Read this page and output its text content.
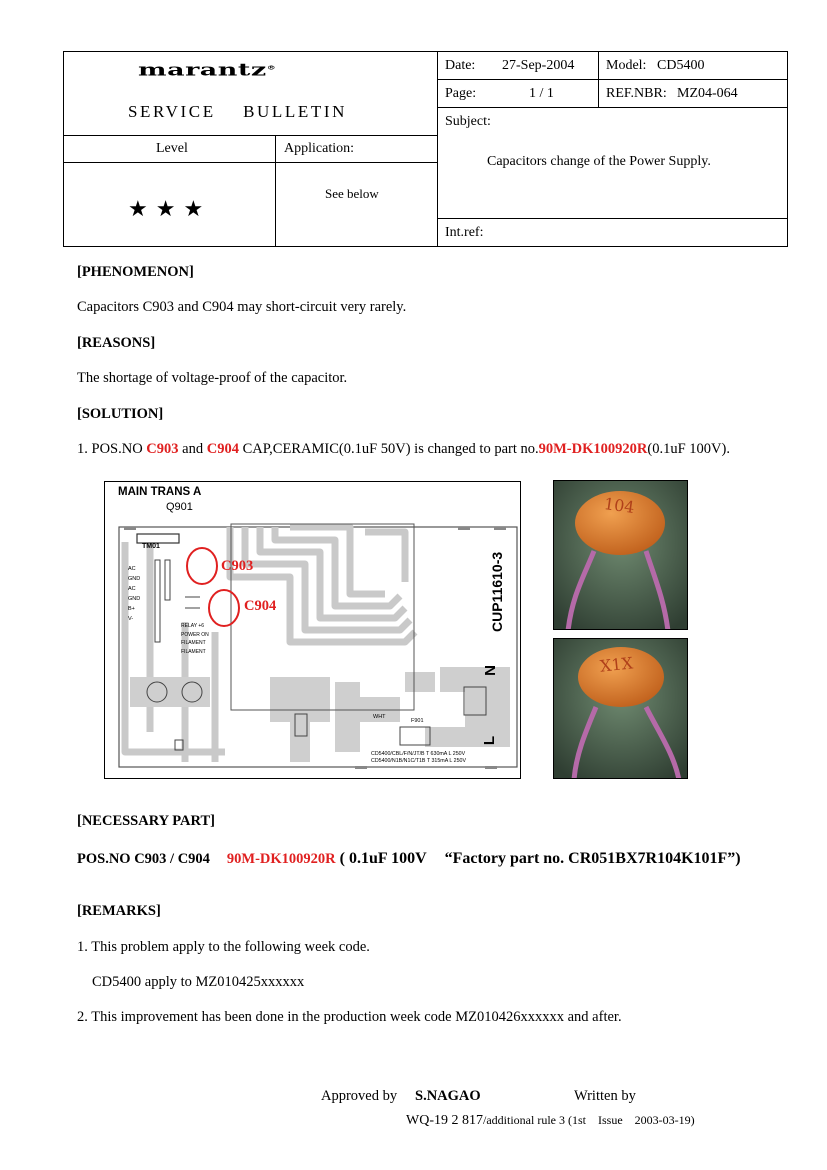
marantz®
SERVICE    BULLETIN
Level	Application:
★★★
See below
Date: 27-Sep-2004 Model: CD5400
Page:	1 / 1	REF.NBR: MZ04-064
Subject:
Capacitors change of the Power Supply.
Int.ref:
[PHENOMENON]
Capacitors C903 and C904 may short-circuit very rarely.
[REASONS]
The shortage of voltage-proof of the capacitor.
[SOLUTION]
1. POS.NO C903 and C904 CAP,CERAMIC(0.1uF 50V) is changed to part no.90M-DK100920R(0.1uF 100V).
MAIN TRANS A
Q901
TM01
C903
C904
AC
GND
AC
GND
B+
V-
RELAY +6
POWER ON
FILAMENT
FILAMENT
CUP11610-3
N
L
WHT
F901
CD5400/CBL/F/N/JT/B T 630mA L 250V
CD5400/N1B/N1C/T1B T 315mA L 250V
104
X1X
[NECESSARY PART]
POS.NO C903 / C904 90M-DK100920R ( 0.1uF 100V “Factory part no. CR051BX7R104K101F”)
[REMARKS]
1. This problem apply to the following week code.
CD5400 apply to MZ010425xxxxxx
2. This improvement has been done in the production week code MZ010426xxxxxx and after.
Approved by S.NAGAO	Written by
WQ-19 2 817/additional rule 3 (1st    Issue    2003-03-19)
